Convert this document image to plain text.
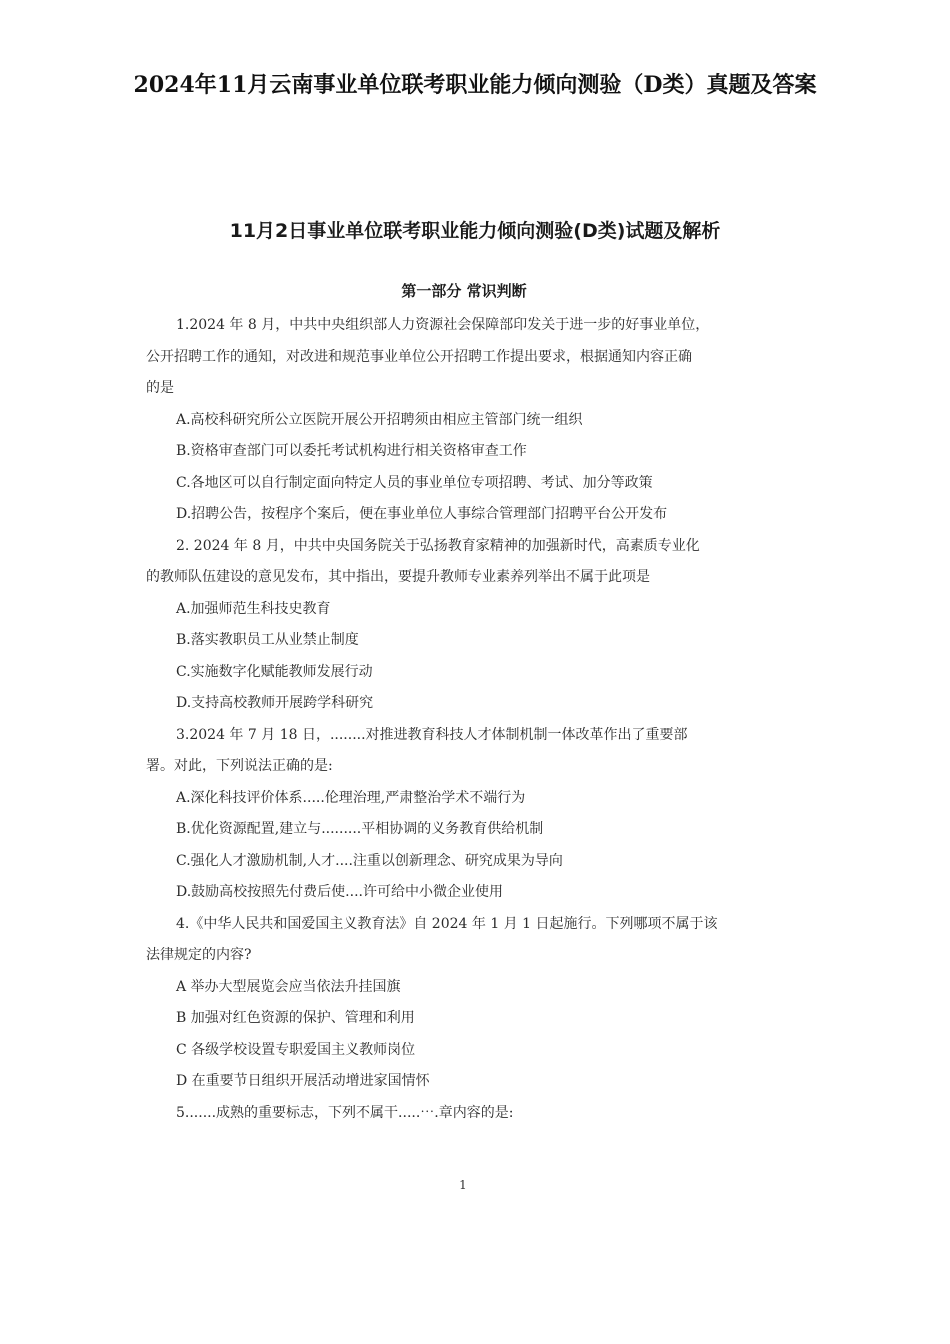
2024年11月云南事业单位联考职业能力倾向测验（D类）真题及答案
11月2日事业单位联考职业能力倾向测验(D类)试题及解析
第一部分 常识判断
1.2024 年 8 月，中共中央组织部人力资源社会保障部印发关于进一步的好事业单位，
公开招聘工作的通知，对改进和规范事业单位公开招聘工作提出要求，根据通知内容正确
的是
A.高校科研究所公立医院开展公开招聘须由相应主管部门统一组织
B.资格审查部门可以委托考试机构进行相关资格审查工作
C.各地区可以自行制定面向特定人员的事业单位专项招聘、考试、加分等政策
D.招聘公告，按程序个案后，便在事业单位人事综合管理部门招聘平台公开发布
2. 2024 年 8 月，中共中央国务院关于弘扬教育家精神的加强新时代，高素质专业化
的教师队伍建设的意见发布，其中指出，要提升教师专业素养列举出不属于此项是
A.加强师范生科技史教育
B.落实教职员工从业禁止制度
C.实施数字化赋能教师发展行动
D.支持高校教师开展跨学科研究
3.2024 年 7 月 18 日，........对推进教育科技人才体制机制一体改革作出了重要部
署。对此，下列说法正确的是:
A.深化科技评价体系.....伦理治理,严肃整治学术不端行为
B.优化资源配置,建立与.........平相协调的义务教育供给机制
C.强化人才激励机制,人才....注重以创新理念、研究成果为导向
D.鼓励高校按照先付费后使....许可给中小微企业使用
4.《中华人民共和国爱国主义教育法》自 2024 年 1 月 1 日起施行。下列哪项不属于该
法律规定的内容?
A 举办大型展览会应当依法升挂国旗
B 加强对红色资源的保护、管理和利用
C 各级学校设置专职爱国主义教师岗位
D 在重要节日组织开展活动增进家国情怀
5.......成熟的重要标志，下列不属干.....⋯.章内容的是:
1
